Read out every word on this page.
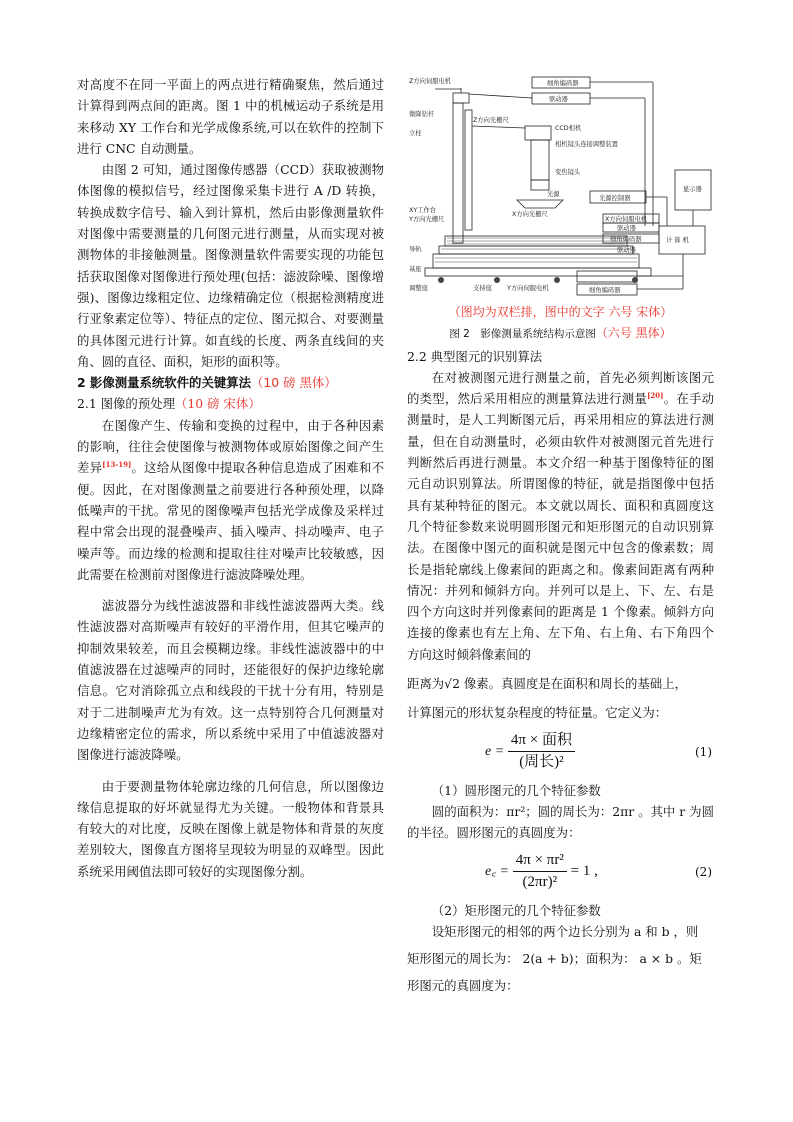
对高度不在同一平面上的两点进行精确聚焦，然后通过计算得到两点间的距离。图 1 中的机械运动子系统是用来移动 XY 工作台和光学成像系统,可以在软件的控制下进行 CNC 自动测量。

由图 2 可知，通过图像传感器（CCD）获取被测物体图像的模拟信号，经过图像采集卡进行 A /D 转换，转换成数字信号、输入到计算机，然后由影像测量软件对图像中需要测量的几何图元进行测量，从而实现对被测物体的非接触测量。图像测量软件需要实现的功能包括获取图像对图像进行预处理(包括：滤波除噪、图像增强)、图像边缘粗定位、边缘精确定位（根据检测精度进行亚象素定位等）、特征点的定位、图元拟合、对要测量的具体图元进行计算。如直线的长度、两条直线间的夹角、圆的直径、面积，矩形的面积等。

2 影像测量系统软件的关键算法（10 磅 黑体）

2.1 图像的预处理（10 磅 宋体）

在图像产生、传输和变换的过程中，由于各种因素的影响，往往会使图像与被测物体或原始图像之间产生差异[13-19]。这给从图像中提取各种信息造成了困难和不便。因此，在对图像测量之前要进行各种预处理，以降低噪声的干扰。常见的图像噪声包括光学成像及采样过程中常会出现的混叠噪声、插入噪声、抖动噪声、电子噪声等。而边缘的检测和提取往往对噪声比较敏感，因此需要在检测前对图像进行滤波降噪处理。

滤波器分为线性滤波器和非线性滤波器两大类。线性滤波器对高斯噪声有较好的平滑作用，但其它噪声的抑制效果较差，而且会模糊边缘。非线性滤波器中的中值滤波器在过滤噪声的同时，还能很好的保护边缘轮廓信息。它对消除孤立点和线段的干扰十分有用，特别是对于二进制噪声尤为有效。这一点特别符合几何测量对边缘精密定位的需求，所以系统中采用了中值滤波器对图像进行滤波降噪。

由于要测量物体轮廓边缘的几何信息，所以图像边缘信息提取的好坏就显得尤为关键。一般物体和背景具有较大的对比度，反映在图像上就是物体和背景的灰度差别较大，图像直方图将呈现较为明显的双峰型。因此系统采用阈值法即可较好的实现图像分割。

Z方向伺服电机	细角编码器
驱动器
微降钻杆
立柱
Z方向光栅尺
CCD相机
相机镜头连接调整装置
变焦镜头
光源
光源控制器
显示器
XY工作台
Y方向光栅尺
X方向光栅尺
X方向伺服电机
驱动器
导轨
细角编码器
驱动器
计 算 机
基座
调整座	支持座 Y方向伺服电机	细角编码器

（图均为双栏排，图中的文字 六号 宋体）

图 2　影像测量系统结构示意图（六号 黑体）

2.2 典型图元的识别算法

在对被测图元进行测量之前，首先必须判断该图元的类型，然后采用相应的测量算法进行测量[20]。在手动测量时，是人工判断图元后，再采用相应的算法进行测量，但在自动测量时，必须由软件对被测图元首先进行判断然后再进行测量。本文介绍一种基于图像特征的图元自动识别算法。所谓图像的特征，就是指图像中包括具有某种特征的图元。本文就以周长、面积和真圆度这几个特征参数来说明圆形图元和矩形图元的自动识别算法。在图像中图元的面积就是图元中包含的像素数；周长是指轮廓线上像素间的距离之和。像素间距离有两种情况：并列和倾斜方向。并列可以是上、下、左、右是四个方向这时并列像素间的距离是 1 个像素。倾斜方向连接的像素也有左上角、左下角、右上角、右下角四个方向这时倾斜像素间的

距离为√2 像素。真圆度是在面积和周长的基础上，

计算图元的形状复杂程度的特征量。它定义为：

$e = \frac{\text{4π × 面积}}{\text{(周长)²}}$	(1)

（1）圆形图元的几个特征参数

圆的面积为：πr²；圆的周长为：2πr 。其中 r 为圆的半径。圆形图元的真圆度为：

e꜀ = $\frac{\text{4π × πr²}}{\text{(2πr)²}} = 1$ ,	(2)

（2）矩形图元的几个特征参数

设矩形图元的相邻的两个边长分别为 a 和 b ，则

矩形图元的周长为： 2(a + b)；面积为： a × b 。矩

形图元的真圆度为：
